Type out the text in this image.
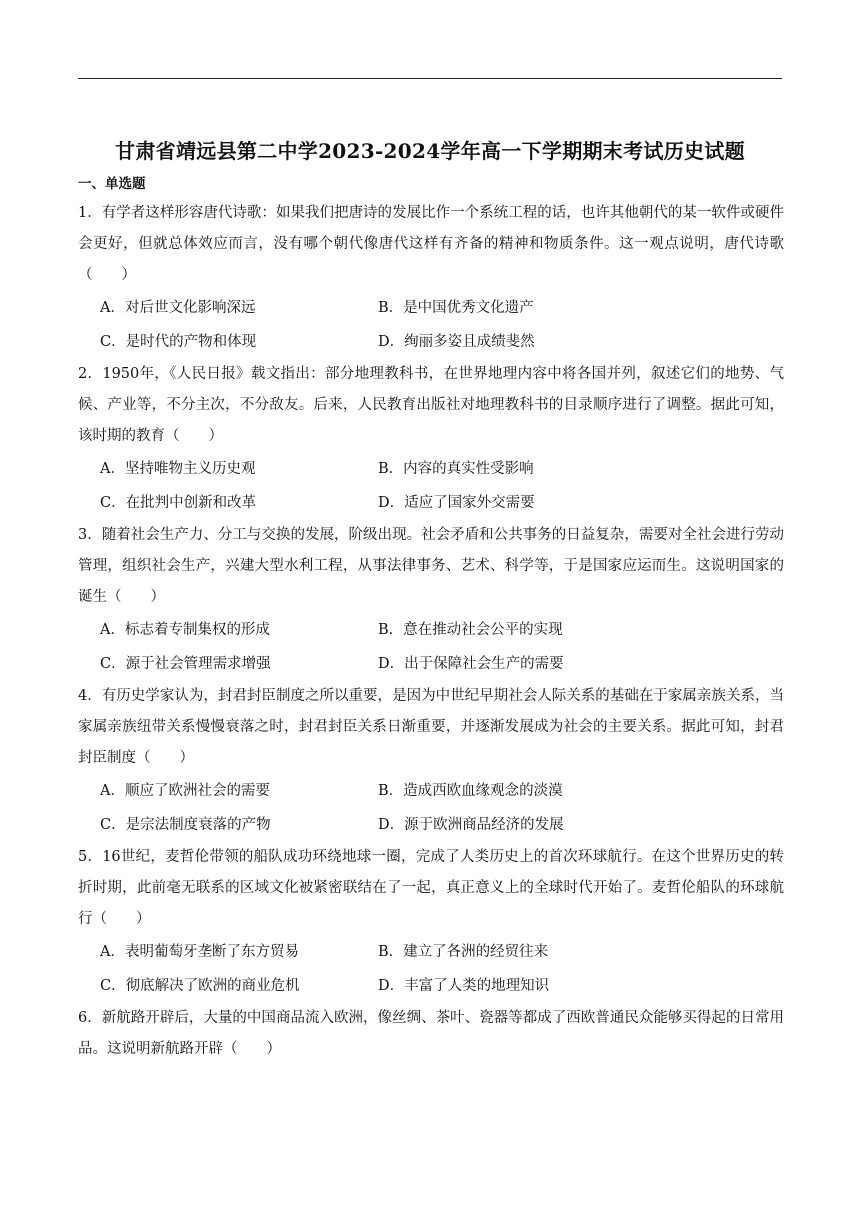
甘肃省靖远县第二中学2023-2024学年高一下学期期末考试历史试题
一、单选题

1．有学者这样形容唐代诗歌：如果我们把唐诗的发展比作一个系统工程的话，也许其他朝代的某一软件或硬件会更好，但就总体效应而言，没有哪个朝代像唐代这样有齐备的精神和物质条件。这一观点说明，唐代诗歌（　　）

A．对后世文化影响深远	B．是中国优秀文化遗产
C．是时代的产物和体现	D．绚丽多姿且成绩斐然

2．1950年，《人民日报》载文指出：部分地理教科书，在世界地理内容中将各国并列，叙述它们的地势、气候、产业等，不分主次，不分敌友。后来，人民教育出版社对地理教科书的目录顺序进行了调整。据此可知，该时期的教育（　　）

A．坚持唯物主义历史观	B．内容的真实性受影响
C．在批判中创新和改革	D．适应了国家外交需要

3．随着社会生产力、分工与交换的发展，阶级出现。社会矛盾和公共事务的日益复杂，需要对全社会进行劳动管理，组织社会生产，兴建大型水利工程，从事法律事务、艺术、科学等，于是国家应运而生。这说明国家的诞生（　　）

A．标志着专制集权的形成	B．意在推动社会公平的实现
C．源于社会管理需求增强	D．出于保障社会生产的需要

4．有历史学家认为，封君封臣制度之所以重要，是因为中世纪早期社会人际关系的基础在于家属亲族关系，当家属亲族纽带关系慢慢衰落之时，封君封臣关系日渐重要，并逐渐发展成为社会的主要关系。据此可知，封君封臣制度（　　）

A．顺应了欧洲社会的需要	B．造成西欧血缘观念的淡漠
C．是宗法制度衰落的产物	D．源于欧洲商品经济的发展

5．16世纪，麦哲伦带领的船队成功环绕地球一圈，完成了人类历史上的首次环球航行。在这个世界历史的转折时期，此前毫无联系的区域文化被紧密联结在了一起，真正意义上的全球时代开始了。麦哲伦船队的环球航行（　　）

A．表明葡萄牙垄断了东方贸易	B．建立了各洲的经贸往来
C．彻底解决了欧洲的商业危机	D．丰富了人类的地理知识

6．新航路开辟后，大量的中国商品流入欧洲，像丝绸、茶叶、瓷器等都成了西欧普通民众能够买得起的日常用品。这说明新航路开辟（　　）
